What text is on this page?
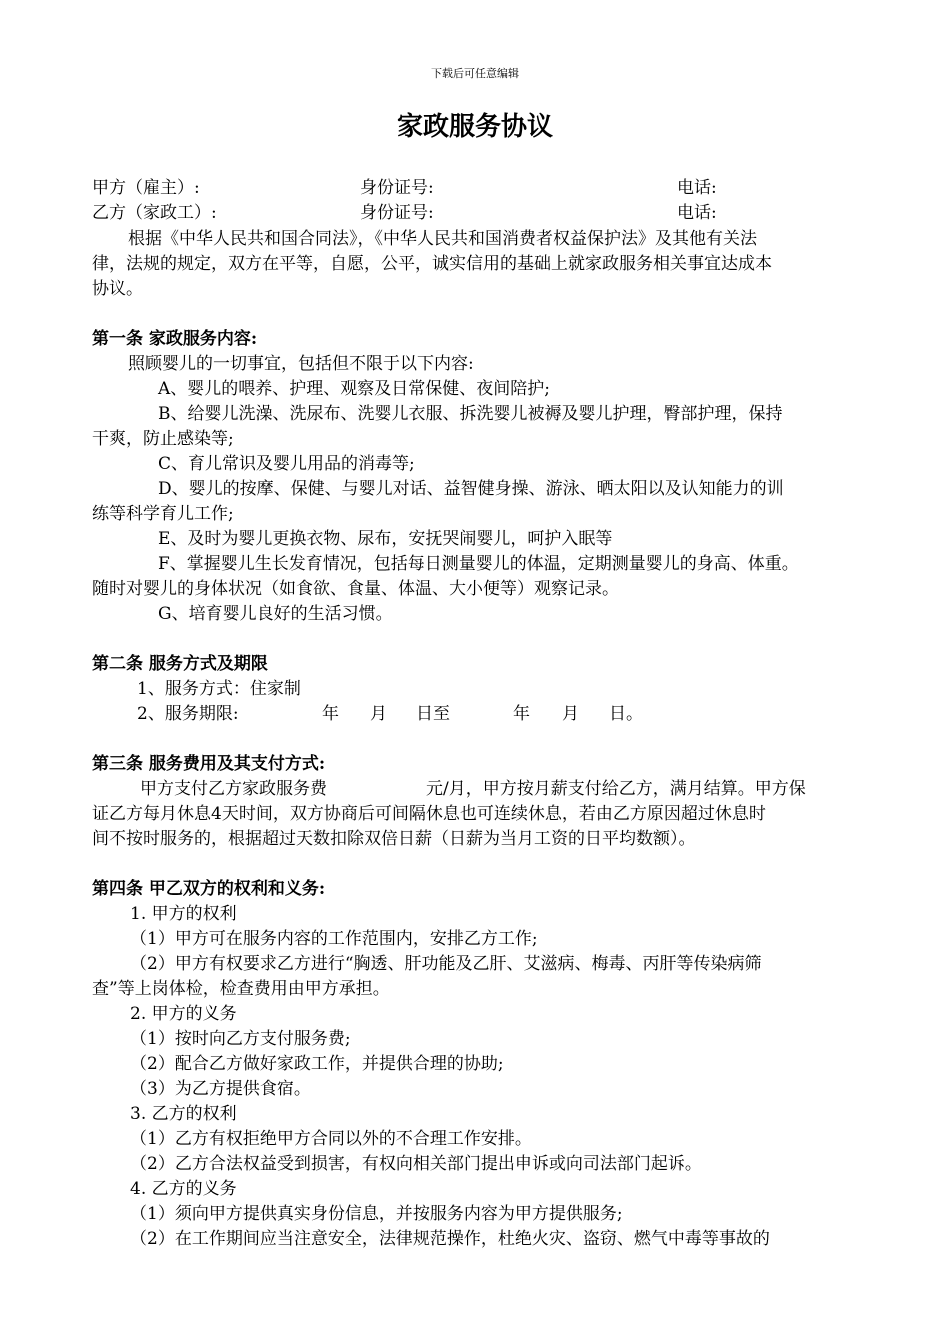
下载后可任意编辑
家政服务协议
甲方（雇主）:	身份证号:	电话:
乙方（家政工）:	身份证号:	电话:
根据《中华人民共和国合同法》，《中华人民共和国消费者权益保护法》及其他有关法
律，法规的规定，双方在平等，自愿，公平，诚实信用的基础上就家政服务相关事宜达成本
协议。
第一条 家政服务内容:
照顾婴儿的一切事宜，包括但不限于以下内容:
A、婴儿的喂养、护理、观察及日常保健、夜间陪护;
B、给婴儿洗澡、洗尿布、洗婴儿衣服、拆洗婴儿被褥及婴儿护理，臀部护理，保持
干爽，防止感染等;
C、育儿常识及婴儿用品的消毒等;
D、婴儿的按摩、保健、与婴儿对话、益智健身操、游泳、晒太阳以及认知能力的训
练等科学育儿工作;
E、及时为婴儿更换衣物、尿布，安抚哭闹婴儿，呵护入眠等
F、掌握婴儿生长发育情况，包括每日测量婴儿的体温，定期测量婴儿的身高、体重。
随时对婴儿的身体状况（如食欲、食量、体温、大小便等）观察记录。
G、培育婴儿良好的生活习惯。
第二条 服务方式及期限
1、服务方式：住家制
2、服务期限:	年 月 日至	年 月 日。
第三条 服务费用及其支付方式:
甲方支付乙方家政服务费	元/月，甲方按月薪支付给乙方，满月结算。甲方保
证乙方每月休息4天时间，双方协商后可间隔休息也可连续休息，若由乙方原因超过休息时
间不按时服务的，根据超过天数扣除双倍日薪（日薪为当月工资的日平均数额）。
第四条 甲乙双方的权利和义务:
1. 甲方的权利
（1）甲方可在服务内容的工作范围内，安排乙方工作;
（2）甲方有权要求乙方进行“胸透、肝功能及乙肝、艾滋病、梅毒、丙肝等传染病筛
查”等上岗体检，检查费用由甲方承担。
2. 甲方的义务
（1）按时向乙方支付服务费;
（2）配合乙方做好家政工作，并提供合理的协助;
（3）为乙方提供食宿。
3. 乙方的权利
（1）乙方有权拒绝甲方合同以外的不合理工作安排。
（2）乙方合法权益受到损害，有权向相关部门提出申诉或向司法部门起诉。
4. 乙方的义务
（1）须向甲方提供真实身份信息，并按服务内容为甲方提供服务;
（2）在工作期间应当注意安全，法律规范操作，杜绝火灾、盗窃、燃气中毒等事故的
